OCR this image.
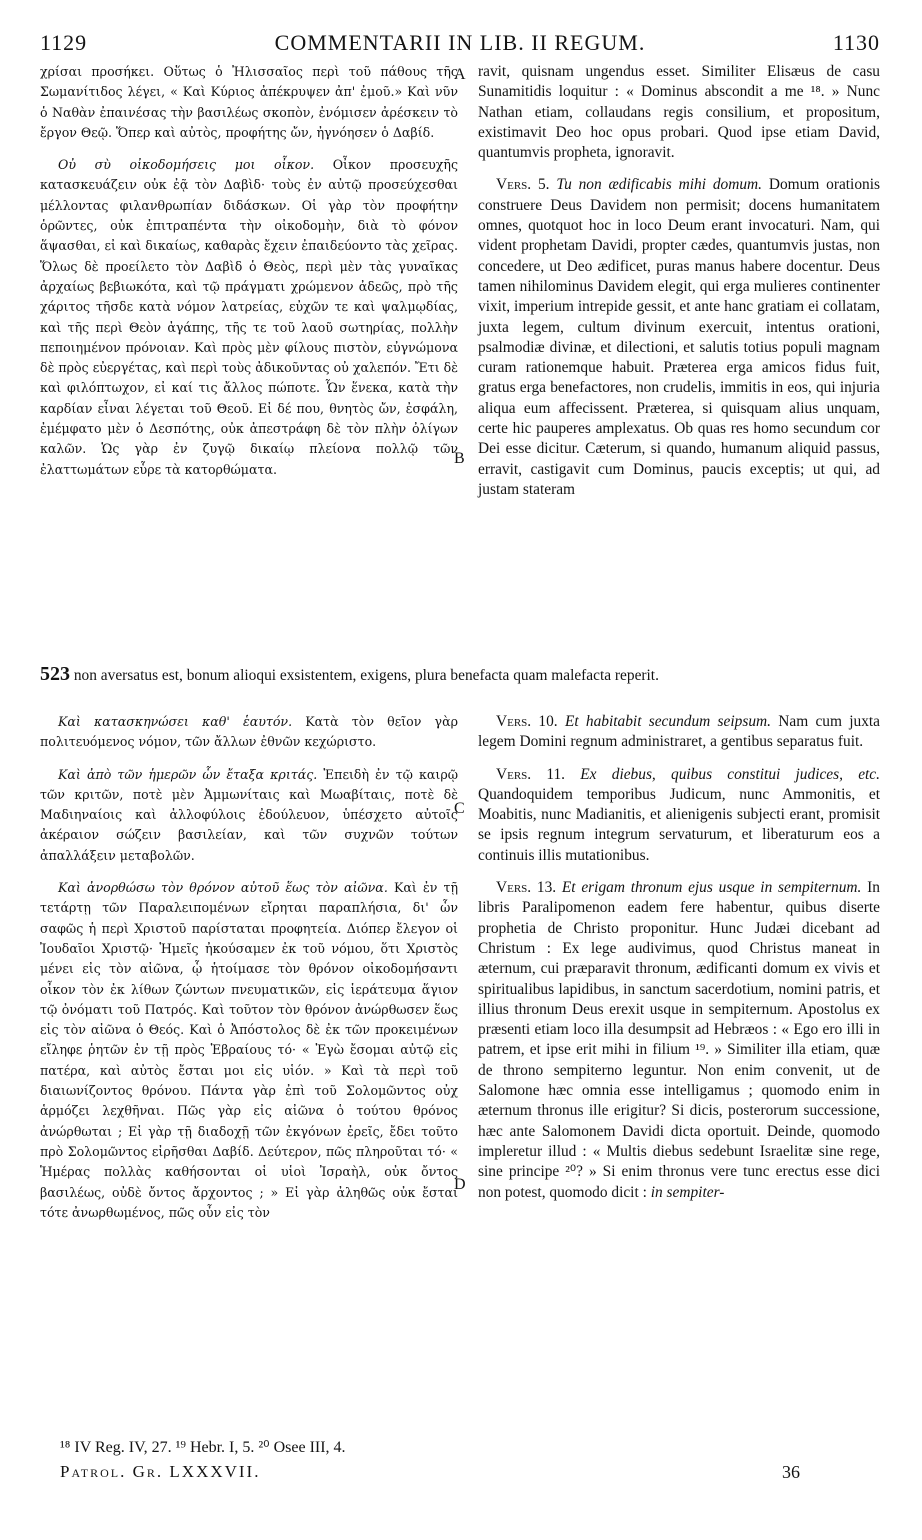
1129	COMMENTARII IN LIB. II REGUM.	1130

χρίσαι προσήκει. Οὕτως ὁ Ἠλισσαῖος περὶ τοῦ πάθους τῆς Σωμανίτιδος λέγει, « Καὶ Κύριος ἀπέκρυψεν ἀπ' ἐμοῦ.» Καὶ νῦν ὁ Ναθὰν ἐπαινέσας τὴν βασιλέως σκοπὸν, ἐνόμισεν ἀρέσκειν τὸ ἔργον Θεῷ. Ὅπερ καὶ αὐτὸς, προφήτης ὤν, ἠγνόησεν ὁ Δαβίδ.

Οὐ σὺ οἰκοδομήσεις μοι οἶκον. Οἶκον προσευχῆς κατασκευάζειν οὐκ ἐᾷ τὸν Δαβὶδ· τοὺς ἐν αὐτῷ προσεύχεσθαι μέλλοντας φιλανθρωπίαν διδάσκων. Οἱ γὰρ τὸν προφήτην ὁρῶντες, οὐκ ἐπιτραπέντα τὴν οἰκοδομὴν, διὰ τὸ φόνον ἅψασθαι, εἰ καὶ δικαίως, καθαρὰς ἔχειν ἐπαιδεύοντο τὰς χεῖρας. Ὅλως δὲ προείλετο τὸν Δαβὶδ ὁ Θεὸς, περὶ μὲν τὰς γυναῖκας ἀρχαίως βεβιωκότα, καὶ τῷ πράγματι χρώμενον ἀδεῶς, πρὸ τῆς χάριτος τῆσδε κατὰ νόμον λατρείας, εὐχῶν τε καὶ ψαλμῳδίας, καὶ τῆς περὶ Θεὸν ἀγάπης, τῆς τε τοῦ λαοῦ σωτηρίας, πολλὴν πεποιημένον πρόνοιαν. Καὶ πρὸς μὲν φίλους πιστὸν, εὐγνώμονα δὲ πρὸς εὐεργέτας, καὶ περὶ τοὺς ἀδικοῦντας οὐ χαλεπόν. Ἔτι δὲ καὶ φιλόπτωχον, εἰ καί τις ἄλλος πώποτε. Ὧν ἕνεκα, κατὰ τὴν καρδίαν εἶναι λέγεται τοῦ Θεοῦ. Εἰ δέ που, θνητὸς ὤν, ἐσφάλη, ἐμέμφατο μὲν ὁ Δεσπότης, οὐκ ἀπεστράφη δὲ τὸν πλὴν ὀλίγων καλῶν. Ὡς γὰρ ἐν ζυγῷ δικαίῳ πλείονα πολλῷ τῶν ἐλαττωμάτων εὗρε τὰ κατορθώματα.

ravit, quisnam ungendus esset. Similiter Elisæus de casu Sunamitidis loquitur : « Dominus abscondit a me ¹⁸. » Nunc Nathan etiam, collaudans regis consilium, et propositum, existimavit Deo hoc opus probari. Quod ipse etiam David, quantumvis propheta, ignoravit.

Vers. 5. Tu non ædificabis mihi domum. Domum orationis construere Deus Davidem non permisit; docens humanitatem omnes, quotquot hoc in loco Deum erant invocaturi. Nam, qui vident prophetam Davidi, propter cædes, quantumvis justas, non concedere, ut Deo ædificet, puras manus habere docentur. Deus tamen nihilominus Davidem elegit, qui erga mulieres continenter vixit, imperium intrepide gessit, et ante hanc gratiam ei collatam, juxta legem, cultum divinum exercuit, intentus orationi, psalmodiæ divinæ, et dilectioni, et salutis totius populi magnam curam rationemque habuit. Præterea erga amicos fidus fuit, gratus erga benefactores, non crudelis, immitis in eos, qui injuria aliqua eum affecissent. Præterea, si quisquam alius unquam, certe hic pauperes amplexatus. Ob quas res homo secundum cor Dei esse dicitur. Cæterum, si quando, humanum aliquid passus, erravit, castigavit cum Dominus, paucis exceptis; ut qui, ad justam stateram

A
B
C
D
523 non aversatus est, bonum alioqui exsistentem, exigens, plura benefacta quam malefacta reperit.

Καὶ κατασκηνώσει καθ' ἑαυτόν. Κατὰ τὸν θεῖον γὰρ πολιτευόμενος νόμον, τῶν ἄλλων ἐθνῶν κεχώριστο.

Καὶ ἀπὸ τῶν ἡμερῶν ὧν ἔταξα κριτάς. Ἐπειδὴ ἐν τῷ καιρῷ τῶν κριτῶν, ποτὲ μὲν Ἀμμωνίταις καὶ Μωαβίταις, ποτὲ δὲ Μαδιηναίοις καὶ ἀλλοφύλοις ἐδούλευον, ὑπέσχετο αὐτοῖς ἀκέραιον σώζειν βασιλείαν, καὶ τῶν συχνῶν τούτων ἀπαλλάξειν μεταβολῶν.

Καὶ ἀνορθώσω τὸν θρόνον αὐτοῦ ἕως τὸν αἰῶνα. Καὶ ἐν τῇ τετάρτῃ τῶν Παραλειπομένων εἴρηται παραπλήσια, δι' ὧν σαφῶς ἡ περὶ Χριστοῦ παρίσταται προφητεία. Διόπερ ἔλεγον οἱ Ἰουδαῖοι Χριστῷ· Ἡμεῖς ἠκούσαμεν ἐκ τοῦ νόμου, ὅτι Χριστὸς μένει εἰς τὸν αἰῶνα, ᾧ ἡτοίμασε τὸν θρόνον οἰκοδομήσαντι οἶκον τὸν ἐκ λίθων ζώντων πνευματικῶν, εἰς ἱεράτευμα ἅγιον τῷ ὀνόματι τοῦ Πατρός. Καὶ τοῦτον τὸν θρόνον ἀνώρθωσεν ἕως εἰς τὸν αἰῶνα ὁ Θεός. Καὶ ὁ Ἀπόστολος δὲ ἐκ τῶν προκειμένων εἴληφε ῥητῶν ἐν τῇ πρὸς Ἑβραίους τό· « Ἐγὼ ἔσομαι αὐτῷ εἰς πατέρα, καὶ αὐτὸς ἔσται μοι εἰς υἱόν. » Καὶ τὰ περὶ τοῦ διαιωνίζοντος θρόνου. Πάντα γὰρ ἐπὶ τοῦ Σολομῶντος οὐχ ἁρμόζει λεχθῆναι. Πῶς γὰρ εἰς αἰῶνα ὁ τούτου θρόνος ἀνώρθωται ; Εἰ γὰρ τῇ διαδοχῇ τῶν ἐκγόνων ἐρεῖς, ἔδει τοῦτο πρὸ Σολομῶντος εἰρῆσθαι Δαβίδ. Δεύτερον, πῶς πληροῦται τό· « Ἡμέρας πολλὰς καθήσονται οἱ υἱοὶ Ἰσραὴλ, οὐκ ὄντος βασιλέως, οὐδὲ ὄντος ἄρχοντος ; » Εἰ γὰρ ἀληθῶς οὐκ ἔσται τότε ἀνωρθωμένος, πῶς οὖν εἰς τὸν

Vers. 10. Et habitabit secundum seipsum. Nam cum juxta legem Domini regnum administraret, a gentibus separatus fuit.

Vers. 11. Ex diebus, quibus constitui judices, etc. Quandoquidem temporibus Judicum, nunc Ammonitis, et Moabitis, nunc Madianitis, et alienigenis subjecti erant, promisit se ipsis regnum integrum servaturum, et liberaturum eos a continuis illis mutationibus.

Vers. 13. Et erigam thronum ejus usque in sempiternum. In libris Paralipomenon eadem fere habentur, quibus diserte prophetia de Christo proponitur. Hunc Judæi dicebant ad Christum : Ex lege audivimus, quod Christus maneat in æternum, cui præparavit thronum, ædificanti domum ex vivis et spiritualibus lapidibus, in sanctum sacerdotium, nomini patris, et illius thronum Deus erexit usque in sempiternum. Apostolus ex præsenti etiam loco illa desumpsit ad Hebræos : « Ego ero illi in patrem, et ipse erit mihi in filium ¹⁹. » Similiter illa etiam, quæ de throno sempiterno leguntur. Non enim convenit, ut de Salomone hæc omnia esse intelligamus ; quomodo enim in æternum thronus ille erigitur? Si dicis, posterorum successione, hæc ante Salomonem Davidi dicta oportuit. Deinde, quomodo impleretur illud : « Multis diebus sedebunt Israelitæ sine rege, sine principe ²⁰? » Si enim thronus vere tunc erectus esse dici non potest, quomodo dicit : in sempiter-

¹⁸ IV Reg. IV, 27. ¹⁹ Hebr. I, 5. ²⁰ Osee III, 4.
Patrol. Gr. LXXXVII.	36
